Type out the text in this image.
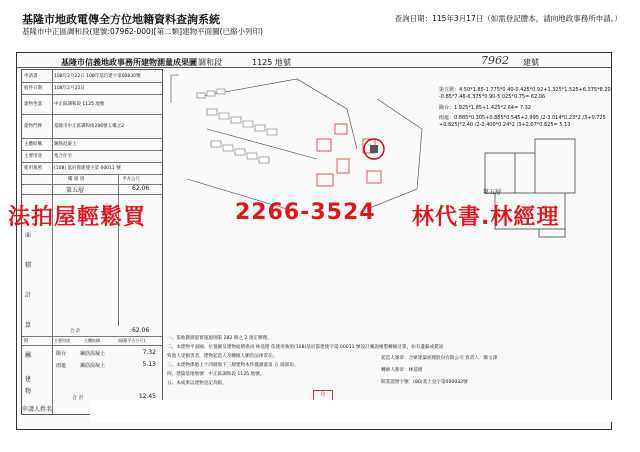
基隆市地政電傳全方位地籍資料查詢系統	查詢日期：115年3月17日（如需登記謄本，請向地政事務所申請。）
基隆市中正區調和段(建號:07962-000)[第二類]建物平面圖(已縮小列印)
基隆市信義地政事務所建物測量成果圖 調和段	1125 地號	7962 建號
申請書	108年2月22日 108年基信建字第00830號
收件日期	108年2月25日
建物坐落	中正區調和段 1125 地號
建物門牌	基隆市中正區調和街296號五樓之2
主體結構	鋼筋混凝土
主要用途	集合住宅
使用執照	(108) 基府都建使字第 00011 號
樓 層 別	平方公尺
第五層	62.06
面
積
計
算
合 計	62.06
附	主要用途	主體結構	面積(平方公尺)
屬	陽台	鋼筋混凝土	7.32
雨遮	鋼筋混凝土	5.13
建
物
合 計	12.45
第五層：4.50*1.85-1.775*0.40-0.425*0.92+1.325*1.525+6.375*8.20
-0.85*7.46-6.375*0.90-5.025*0.75= 62.06
陽台：1.925*1.85+1.425*2.64= 7.32
雨遮：0.885*0.305+0.885*0.545+2.995 /2-3.014*0.23*2 /3+0.725
+0.825)*2.40 /2-2.400*0.24*2 /3+2.07*0.825= 5.13
第五層
一、依地籍測量實施規則第 282 條之 2 規定辦理。
二、本建物平面圖、位置圖及建物面積係由 林基德 依使用執照(108)基府都建使字第 00011 號設計圖說繪製轉繪計算，如有遺漏或錯誤
致他人受損害者，建物起造人及轉繪人願負法律責任。
三、本建物係地上十四層地下三層建物本件僅測量第 五 層部份。
四、建築基地地號：中正區調和段 1125 地號。
五、本成果以建物登記為限。
起造人簽章：合眾建築經理股份有限公司 負責人：鄭文澤
轉繪人簽章：林基德
開業證照字號：(80)基土登字第000032號
印
申請人姓名
法拍屋輕鬆買	2266-3524 林代書.林經理
